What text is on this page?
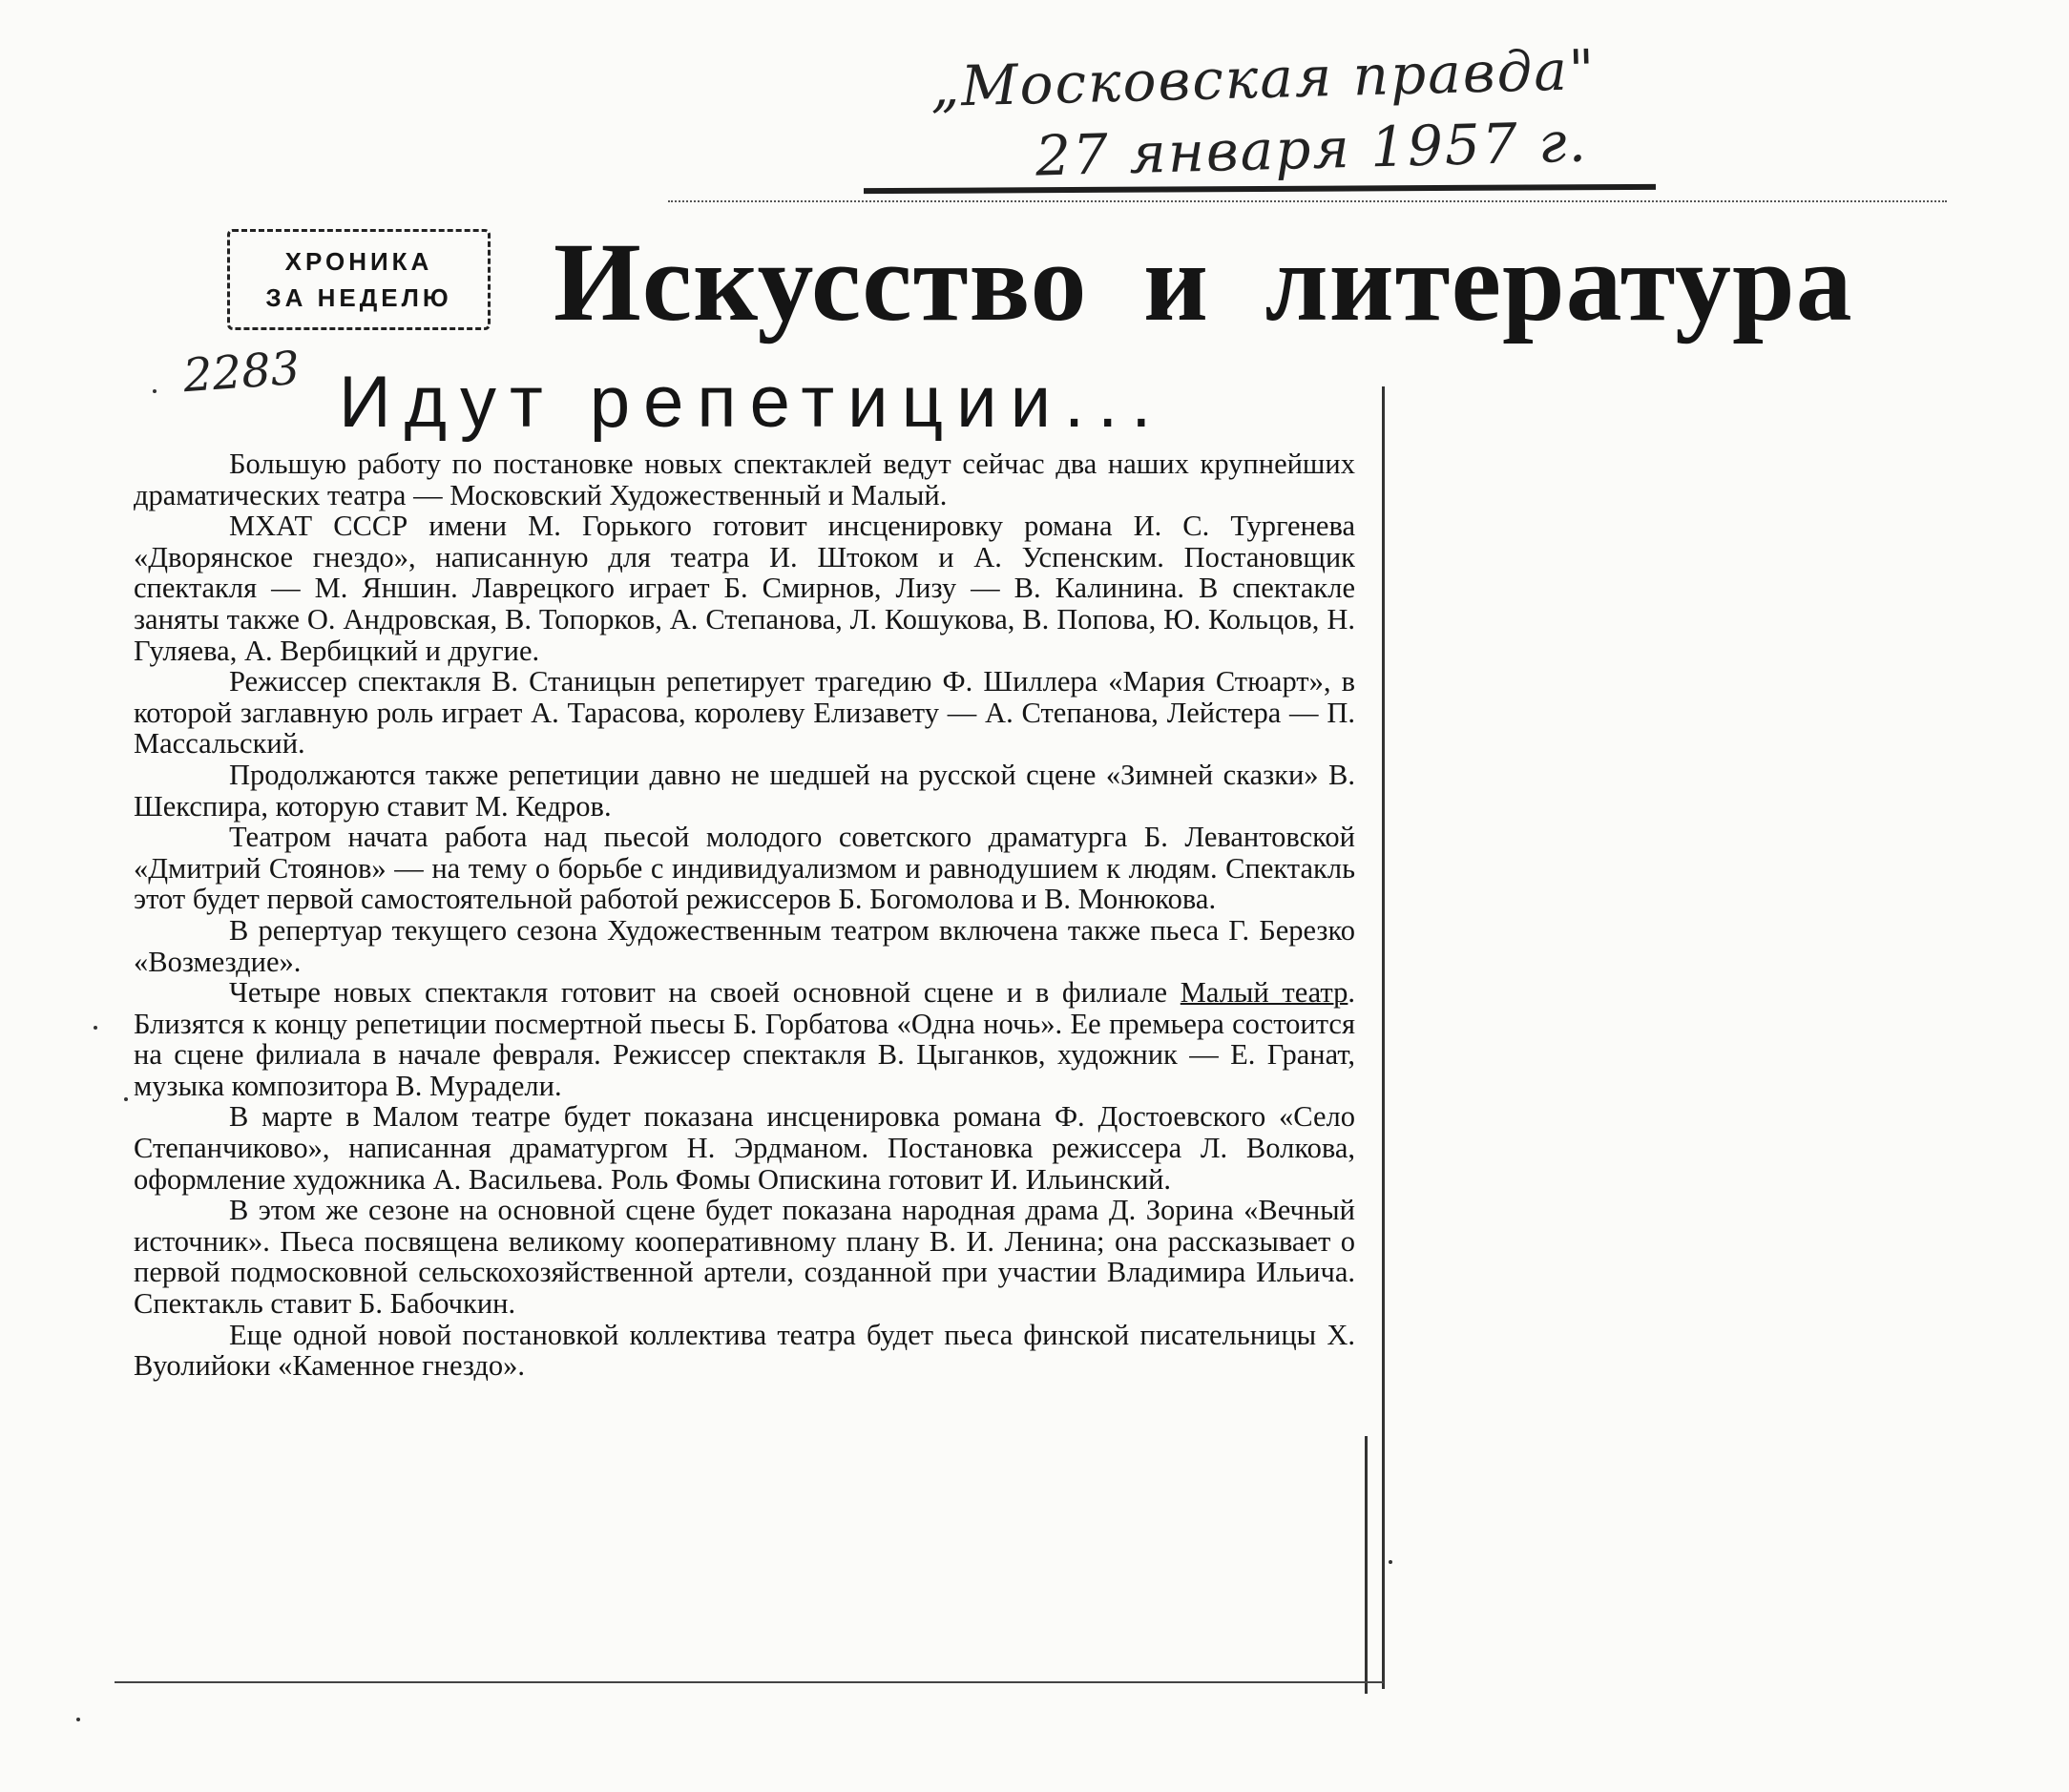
„Московская правда"
27 января 1957 г.
ХРОНИКА
ЗА НЕДЕЛЮ Искусство и литература
2283 Идут репетиции...

Большую работу по постановке новых спектаклей ведут сейчас два наших крупнейших драматических театра — Московский Художественный и Малый.

МХАТ СССР имени М. Горького готовит инсценировку романа И. С. Тургенева «Дворянское гнездо», написанную для театра И. Штоком и А. Успенским. Постановщик спектакля — М. Яншин. Лаврецкого играет Б. Смирнов, Лизу — В. Калинина. В спектакле заняты также О. Андровская, В. Топорков, А. Степанова, Л. Кошукова, В. Попова, Ю. Кольцов, Н. Гуляева, А. Вербицкий и другие.

Режиссер спектакля В. Станицын репетирует трагедию Ф. Шиллера «Мария Стюарт», в которой заглавную роль играет А. Тарасова, королеву Елизавету — А. Степанова, Лейстера — П. Массальский.

Продолжаются также репетиции давно не шедшей на русской сцене «Зимней сказки» В. Шекспира, которую ставит М. Кедров.

Театром начата работа над пьесой молодого советского драматурга Б. Левантовской «Дмитрий Стоянов» — на тему о борьбе с индивидуализмом и равнодушием к людям. Спектакль этот будет первой самостоятельной работой режиссеров Б. Богомолова и В. Монюкова.

В репертуар текущего сезона Художественным театром включена также пьеса Г. Березко «Возмездие».

Четыре новых спектакля готовит на своей основной сцене и в филиале Малый театр. Близятся к концу репетиции посмертной пьесы Б. Горбатова «Одна ночь». Ее премьера состоится на сцене филиала в начале февраля. Режиссер спектакля В. Цыганков, художник — Е. Гранат, музыка композитора В. Мурадели.

В марте в Малом театре будет показана инсценировка романа Ф. Достоевского «Село Степанчиково», написанная драматургом Н. Эрдманом. Постановка режиссера Л. Волкова, оформление художника А. Васильева. Роль Фомы Опискина готовит И. Ильинский.

В этом же сезоне на основной сцене будет показана народная драма Д. Зорина «Вечный источник». Пьеса посвящена великому кооперативному плану В. И. Ленина; она рассказывает о первой подмосковной сельскохозяйственной артели, созданной при участии Владимира Ильича. Спектакль ставит Б. Бабочкин.

Еще одной новой постановкой коллектива театра будет пьеса финской писательницы Х. Вуолийоки «Каменное гнездо».
